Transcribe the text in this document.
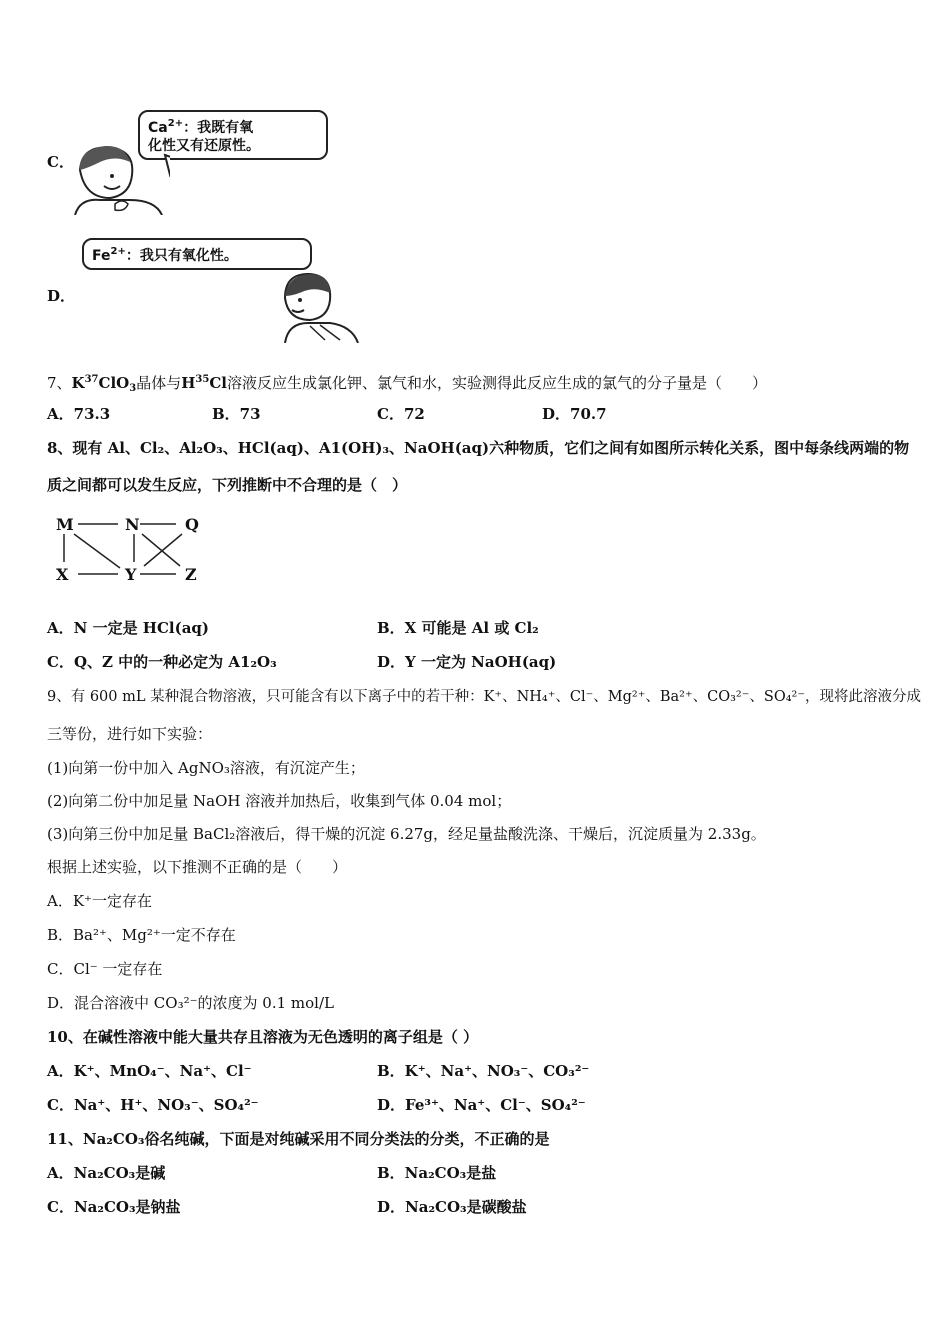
C．
$Ca^{2+}$：我既有氧
化性又有还原性。
D．
$Fe^{2+}$：我只有氧化性。
7、$K^{37}ClO_3$晶体与$H^{35}Cl$溶液反应生成氯化钾、氯气和水，实验测得此反应生成的氯气的分子量是（　　）
A．73.3	B．73	C．72	D．70.7
8、现有 Al、Cl₂、Al₂O₃、HCl(aq)、A1(OH)₃、NaOH(aq)六种物质，它们之间有如图所示转化关系，图中每条线两端的物
质之间都可以发生反应，下列推断中不合理的是（　）
M	N	Q
X	Y	Z
A．N 一定是 HCl(aq)	B．X 可能是 Al 或 Cl₂
C．Q、Z 中的一种必定为 A1₂O₃	D．Y 一定为 NaOH(aq)
9、有 600 mL 某种混合物溶液，只可能含有以下离子中的若干种：K⁺、NH₄⁺、Cl⁻、Mg²⁺、Ba²⁺、CO₃²⁻、SO₄²⁻，现将此溶液分成
三等份，进行如下实验：
(1)向第一份中加入 AgNO₃溶液，有沉淀产生；
(2)向第二份中加足量 NaOH 溶液并加热后，收集到气体 0.04 mol；
(3)向第三份中加足量 BaCl₂溶液后，得干燥的沉淀 6.27g，经足量盐酸洗涤、干燥后，沉淀质量为 2.33g。
根据上述实验，以下推测不正确的是（　　）
A．K⁺一定存在
B．Ba²⁺、Mg²⁺一定不存在
C．Cl⁻ 一定存在
D．混合溶液中 CO₃²⁻的浓度为 0.1 mol/L
10、在碱性溶液中能大量共存且溶液为无色透明的离子组是（ ）
A．K⁺、MnO₄⁻、Na⁺、Cl⁻	B．K⁺、Na⁺、NO₃⁻、CO₃²⁻
C．Na⁺、H⁺、NO₃⁻、SO₄²⁻	D．Fe³⁺、Na⁺、Cl⁻、SO₄²⁻
11、Na₂CO₃俗名纯碱，下面是对纯碱采用不同分类法的分类，不正确的是
A．Na₂CO₃是碱	B．Na₂CO₃是盐
C．Na₂CO₃是钠盐	D．Na₂CO₃是碳酸盐
